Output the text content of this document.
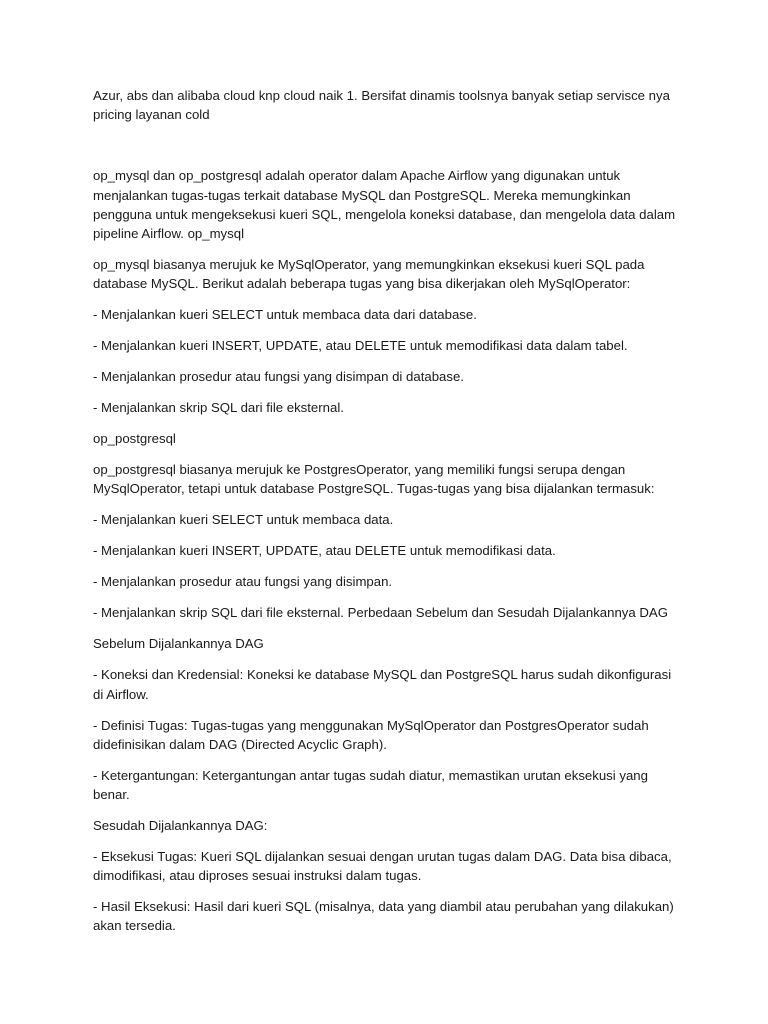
Azur, abs dan alibaba cloud knp cloud naik 1. Bersifat dinamis toolsnya banyak setiap servisce nya pricing layanan cold

op_mysql dan op_postgresql adalah operator dalam Apache Airflow yang digunakan untuk menjalankan tugas-tugas terkait database MySQL dan PostgreSQL. Mereka memungkinkan pengguna untuk mengeksekusi kueri SQL, mengelola koneksi database, dan mengelola data dalam pipeline Airflow. op_mysql

op_mysql biasanya merujuk ke MySqlOperator, yang memungkinkan eksekusi kueri SQL pada database MySQL. Berikut adalah beberapa tugas yang bisa dikerjakan oleh MySqlOperator:

- Menjalankan kueri SELECT untuk membaca data dari database.

- Menjalankan kueri INSERT, UPDATE, atau DELETE untuk memodifikasi data dalam tabel.

- Menjalankan prosedur atau fungsi yang disimpan di database.

- Menjalankan skrip SQL dari file eksternal.

op_postgresql

op_postgresql biasanya merujuk ke PostgresOperator, yang memiliki fungsi serupa dengan MySqlOperator, tetapi untuk database PostgreSQL. Tugas-tugas yang bisa dijalankan termasuk:

- Menjalankan kueri SELECT untuk membaca data.

- Menjalankan kueri INSERT, UPDATE, atau DELETE untuk memodifikasi data.

- Menjalankan prosedur atau fungsi yang disimpan.

- Menjalankan skrip SQL dari file eksternal. Perbedaan Sebelum dan Sesudah Dijalankannya DAG

Sebelum Dijalankannya DAG

- Koneksi dan Kredensial: Koneksi ke database MySQL dan PostgreSQL harus sudah dikonfigurasi di Airflow.

- Definisi Tugas: Tugas-tugas yang menggunakan MySqlOperator dan PostgresOperator sudah didefinisikan dalam DAG (Directed Acyclic Graph).

- Ketergantungan: Ketergantungan antar tugas sudah diatur, memastikan urutan eksekusi yang benar.

Sesudah Dijalankannya DAG:

- Eksekusi Tugas: Kueri SQL dijalankan sesuai dengan urutan tugas dalam DAG. Data bisa dibaca, dimodifikasi, atau diproses sesuai instruksi dalam tugas.

- Hasil Eksekusi: Hasil dari kueri SQL (misalnya, data yang diambil atau perubahan yang dilakukan) akan tersedia.
